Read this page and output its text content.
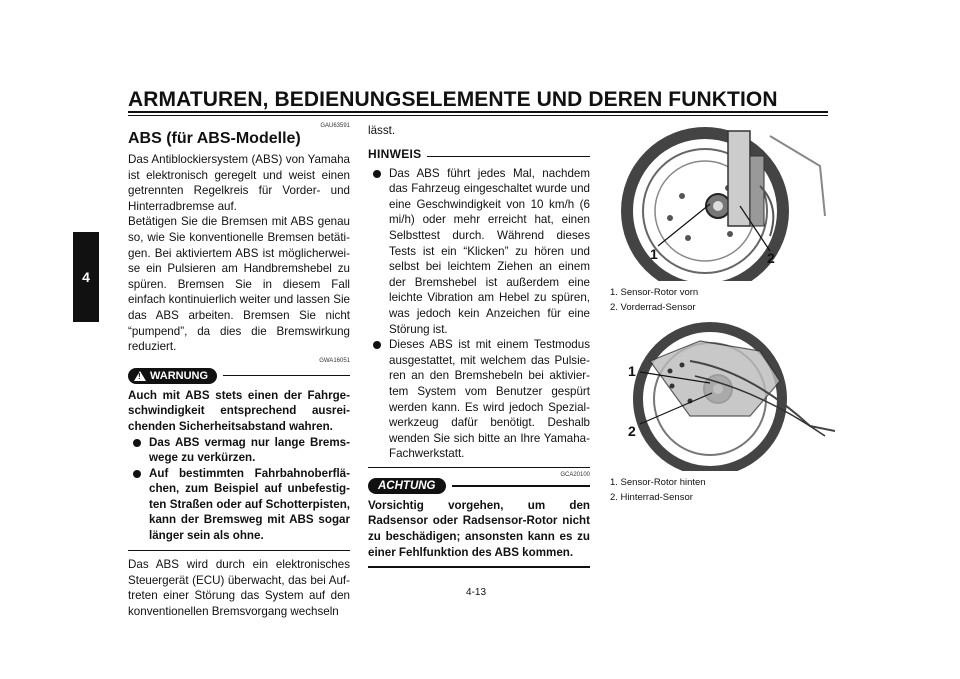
ARMATUREN, BEDIENUNGSELEMENTE UND DEREN FUNKTION
4
GAU63591
ABS (für ABS-Modelle)

Das Antiblockiersystem (ABS) von Yamaha ist elektronisch geregelt und weist einen getrennten Regelkreis für Vorder- und Hinterradbremse auf.

Betätigen Sie die Bremsen mit ABS genau so, wie Sie konventionelle Bremsen betätigen. Bei aktiviertem ABS ist möglicherweise ein Pulsieren am Handbremshebel zu spüren. Bremsen Sie in diesem Fall einfach kontinuierlich weiter und lassen Sie das ABS arbeiten. Bremsen Sie nicht “pumpend”, da dies die Bremswirkung reduziert.

GWA16051
! WARNUNG

Auch mit ABS stets einen der Fahrgeschwindigkeit entsprechend ausreichenden Sicherheitsabstand wahren.

Das ABS vermag nur lange Bremswege zu verkürzen.
Auf bestimmten Fahrbahnoberflächen, zum Beispiel auf unbefestigten Straßen oder auf Schotterpisten, kann der Bremsweg mit ABS sogar länger sein als ohne.

Das ABS wird durch ein elektronisches Steuergerät (ECU) überwacht, das bei Auftreten einer Störung das System auf den konventionellen Bremsvorgang wechseln

lässt.

HINWEIS
Das ABS führt jedes Mal, nachdem das Fahrzeug eingeschaltet wurde und eine Geschwindigkeit von 10 km/h (6 mi/h) oder mehr erreicht hat, einen Selbsttest durch. Während dieses Tests ist ein “Klicken” zu hören und selbst bei leichtem Ziehen an einem der Bremshebel ist außerdem eine leichte Vibration am Hebel zu spüren, was jedoch kein Anzeichen für eine Störung ist.
Dieses ABS ist mit einem Testmodus ausgestattet, mit welchem das Pulsieren an den Bremshebeln bei aktiviertem System vom Benutzer gespürt werden kann. Es wird jedoch Spezialwerkzeug dafür benötigt. Deshalb wenden Sie sich bitte an Ihre Yamaha-Fachwerkstatt.
GCA20100
ACHTUNG

Vorsichtig vorgehen, um den Radsensor oder Radsensor-Rotor nicht zu beschädigen; ansonsten kann es zu einer Fehlfunktion des ABS kommen.

1	2
1. Sensor-Rotor vorn
2. Vorderrad-Sensor
1
2
1. Sensor-Rotor hinten
2. Hinterrad-Sensor
4-13
